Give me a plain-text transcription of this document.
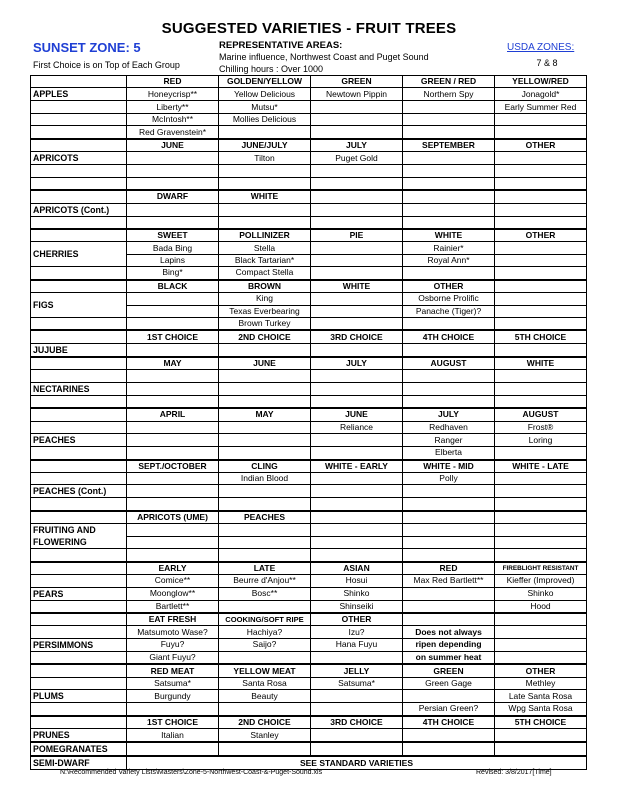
SUGGESTED VARIETIES - FRUIT TREES
SUNSET ZONE: 5
First Choice is on Top of Each Group
REPRESENTATIVE AREAS:
Marine influence, Northwest Coast and Puget Sound
Chilling hours : Over 1000
USDA ZONES:
7 & 8
	RED	GOLDEN/YELLOW	GREEN	GREEN / RED	YELLOW/RED
APPLES	Honeycrisp**	Yellow Delicious	Newtown Pippin	Northern Spy	Jonagold*
	Liberty**	Mutsu*			Early Summer Red
	McIntosh**	Mollies Delicious			
	Red Gravenstein*				
	JUNE	JUNE/JULY	JULY	SEPTEMBER	OTHER
APRICOTS		Tilton	Puget Gold		

	DWARF	WHITE			
APRICOTS (Cont.)					

	SWEET	POLLINIZER	PIE	WHITE	OTHER
CHERRIES	Bada Bing	Stella		Rainier*	
	Lapins	Black Tartarian*		Royal Ann*	
	Bing*	Compact Stella			
	BLACK	BROWN	WHITE	OTHER	
FIGS		King		Osborne Prolific	
		Texas Everbearing		Panache (Tiger)?	
		Brown Turkey			
	1ST CHOICE	2ND CHOICE	3RD CHOICE	4TH CHOICE	5TH CHOICE
JUJUBE					
	MAY	JUNE	JULY	AUGUST	WHITE

NECTARINES					

	APRIL	MAY	JUNE	JULY	AUGUST
			Reliance	Redhaven	Frost®
PEACHES				Ranger	Loring
				Elberta	
	SEPT./OCTOBER	CLING	WHITE - EARLY	WHITE - MID	WHITE - LATE
		Indian Blood		Polly	
PEACHES (Cont.)					

	APRICOTS (UME)	PEACHES			
FRUITING AND FLOWERING					

	EARLY	LATE	ASIAN	RED	FIREBLIGHT RESISTANT
	Comice**	Beurre d'Anjou**	Hosui	Max Red Bartlett**	Kieffer (Improved)
PEARS	Moonglow**	Bosc**	Shinko		Shinko
	Bartlett**		Shinseiki		Hood
	EAT FRESH	COOKING/SOFT RIPE	OTHER		
	Matsumoto Wase?	Hachiya?	Izu?	Does not always	
PERSIMMONS	Fuyu?	Saijo?	Hana Fuyu	ripen depending	
	Giant Fuyu?			on summer heat	
	RED MEAT	YELLOW MEAT	JELLY	GREEN	OTHER
	Satsuma*	Santa Rosa	Satsuma*	Green Gage	Methley
PLUMS	Burgundy	Beauty			Late Santa Rosa
				Persian Green?	Wpg Santa Rosa
	1ST CHOICE	2ND CHOICE	3RD CHOICE	4TH CHOICE	5TH CHOICE
PRUNES	Italian	Stanley			
POMEGRANATES					
SEMI-DWARF	SEE STANDARD VARIETIES				
N:\Recommended Variety Lists\Masters\Zone-5-Northwest-Coast-&-Puget-Sound.xls	Revised: 3/8/2017[Time]
